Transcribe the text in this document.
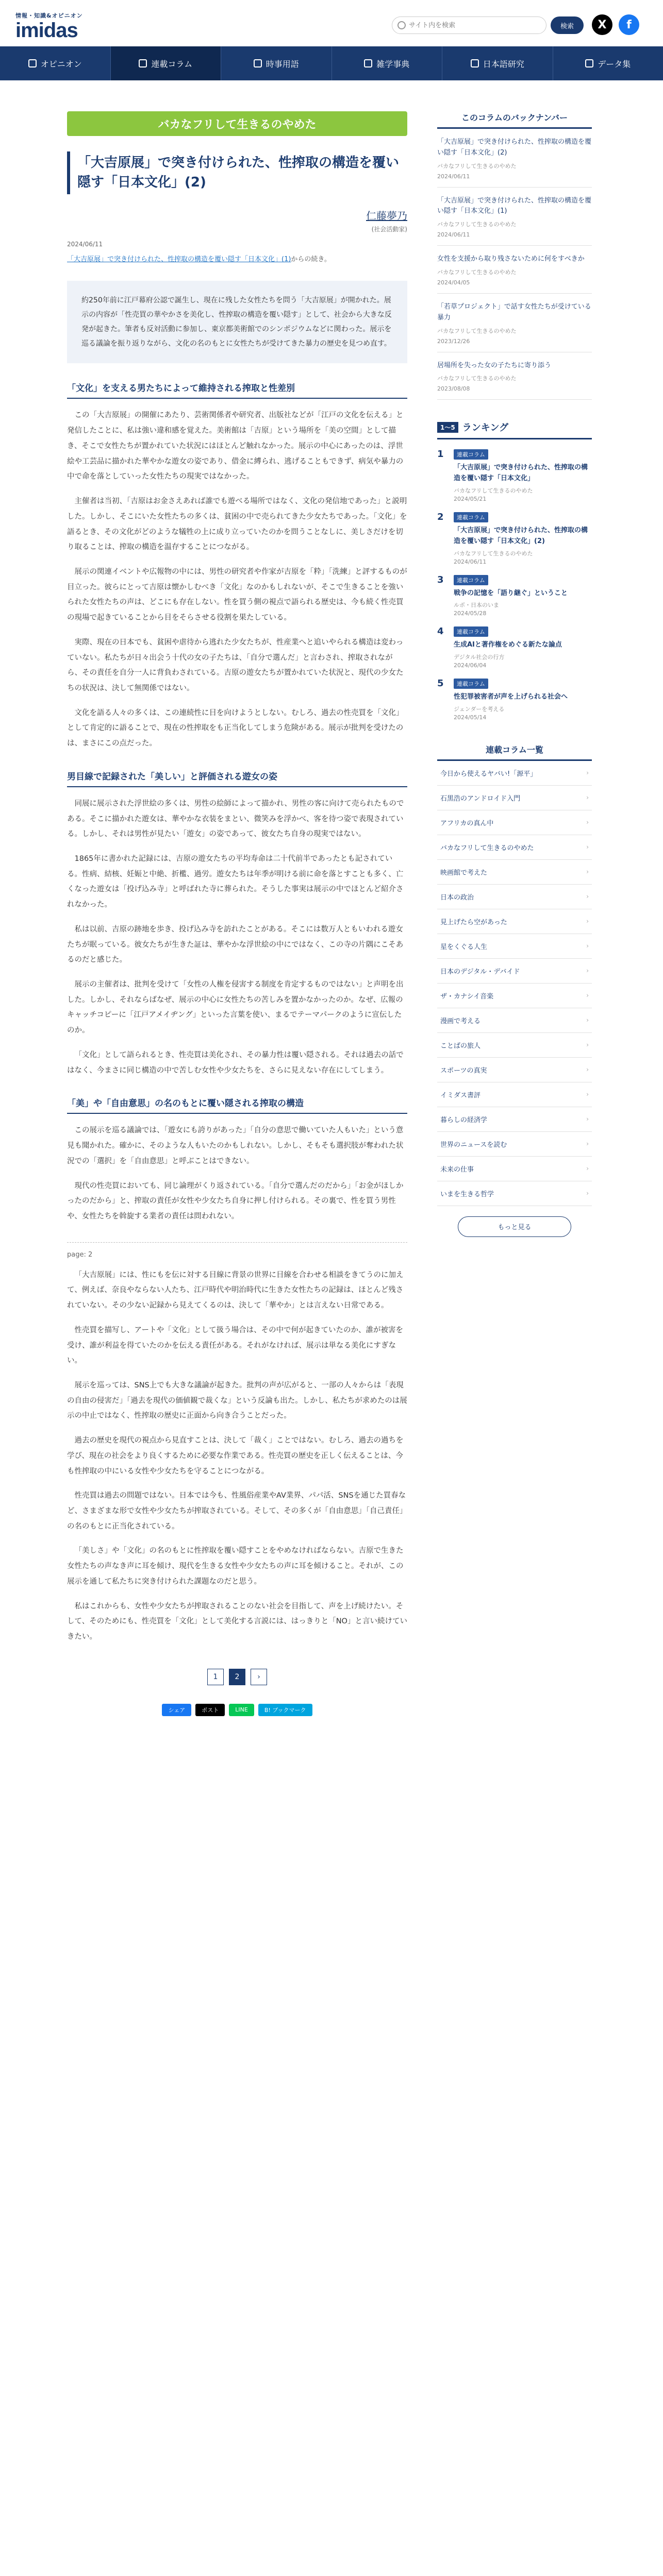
情報・知識&オピニオン
imidas
サイト内を検索	検索	X	f
オピニオン	連載コラム	時事用語	雑学事典	日本語研究	データ集
バカなフリして生きるのやめた
「大吉原展」で突き付けられた、性搾取の構造を覆い隠す「日本文化」(2)
仁藤夢乃
(社会活動家)
2024/06/11
「大吉原展」で突き付けられた、性搾取の構造を覆い隠す「日本文化」(1)からの続き。
約250年前に江戸幕府公認で誕生し、現在に残した女性たちを問う「大吉原展」が開かれた。展示の内容が「性売買の華やかさを美化し、性搾取の構造を覆い隠す」として、社会から大きな反発が起きた。筆者も反対活動に参加し、東京都美術館でのシンポジウムなどに関わった。展示を巡る議論を振り返りながら、文化の名のもとに女性たちが受けてきた暴力の歴史を見つめ直す。
「文化」を支える男たちによって維持される搾取と性差別

この「大吉原展」の開催にあたり、芸術関係者や研究者、出版社などが「江戸の文化を伝える」と発信したことに、私は強い違和感を覚えた。美術館は「吉原」という場所を「美の空間」として描き、そこで女性たちが置かれていた状況にはほとんど触れなかった。展示の中心にあったのは、浮世絵や工芸品に描かれた華やかな遊女の姿であり、借金に縛られ、逃げることもできず、病気や暴力の中で命を落としていった女性たちの現実ではなかった。

主催者は当初、「吉原はお金さえあれば誰でも遊べる場所ではなく、文化の発信地であった」と説明した。しかし、そこにいた女性たちの多くは、貧困の中で売られてきた少女たちであった。「文化」を語るとき、その文化がどのような犠牲の上に成り立っていたのかを問うことなしに、美しさだけを切り取ることは、搾取の構造を温存することにつながる。

展示の関連イベントや広報物の中には、男性の研究者や作家が吉原を「粋」「洗練」と評するものが目立った。彼らにとって吉原は懐かしむべき「文化」なのかもしれないが、そこで生きることを強いられた女性たちの声は、どこにも存在しない。性を買う側の視点で語られる歴史は、今も続く性売買の現場で起きていることから目をそらさせる役割を果たしている。

実際、現在の日本でも、貧困や虐待から逃れた少女たちが、性産業へと追いやられる構造は変わっていない。私たちが日々出会う十代の女の子たちは、「自分で選んだ」と言わされ、搾取されながら、その責任を自分一人に背負わされている。吉原の遊女たちが置かれていた状況と、現代の少女たちの状況は、決して無関係ではない。

文化を語る人々の多くは、この連続性に目を向けようとしない。むしろ、過去の性売買を「文化」として肯定的に語ることで、現在の性搾取をも正当化してしまう危険がある。展示が批判を受けたのは、まさにこの点だった。

男目線で記録された「美しい」と評価される遊女の姿

同展に展示された浮世絵の多くは、男性の絵師によって描かれ、男性の客に向けて売られたものである。そこに描かれた遊女は、華やかな衣装をまとい、微笑みを浮かべ、客を待つ姿で表現されている。しかし、それは男性が見たい「遊女」の姿であって、彼女たち自身の現実ではない。

1865年に書かれた記録には、吉原の遊女たちの平均寿命は二十代前半であったとも記されている。性病、結核、妊娠と中絶、折檻、過労。遊女たちは年季が明ける前に命を落とすことも多く、亡くなった遊女は「投げ込み寺」と呼ばれた寺に葬られた。そうした事実は展示の中でほとんど紹介されなかった。

私は以前、吉原の跡地を歩き、投げ込み寺を訪れたことがある。そこには数万人ともいわれる遊女たちが眠っている。彼女たちが生きた証は、華やかな浮世絵の中にではなく、この寺の片隅にこそあるのだと感じた。

展示の主催者は、批判を受けて「女性の人権を侵害する制度を肯定するものではない」と声明を出した。しかし、それならばなぜ、展示の中心に女性たちの苦しみを置かなかったのか。なぜ、広報のキャッチコピーに「江戸アメイヂング」といった言葉を使い、まるでテーマパークのように宣伝したのか。

「文化」として語られるとき、性売買は美化され、その暴力性は覆い隠される。それは過去の話ではなく、今まさに同じ構造の中で苦しむ女性や少女たちを、さらに見えない存在にしてしまう。

「美」や「自由意思」の名のもとに覆い隠される搾取の構造

この展示を巡る議論では、「遊女にも誇りがあった」「自分の意思で働いていた人もいた」という意見も聞かれた。確かに、そのような人もいたのかもしれない。しかし、そもそも選択肢が奪われた状況での「選択」を「自由意思」と呼ぶことはできない。

現代の性売買においても、同じ論理がくり返されている。「自分で選んだのだから」「お金がほしかったのだから」と、搾取の責任が女性や少女たち自身に押し付けられる。その裏で、性を買う男性や、女性たちを斡旋する業者の責任は問われない。

page: 2

「大吉原展」には、性にもを伝に対する目線に背景の世界に目線を合わせる相談をきてうのに加えて、例えば、奈良やならない人たち、江戸時代や明治時代に生きた女性たちの記録は、ほとんど残されていない。その少ない記録から見えてくるのは、決して「華やか」とは言えない日常である。

性売買を描写し、アートや「文化」として扱う場合は、その中で何が起きていたのか、誰が被害を受け、誰が利益を得ていたのかを伝える責任がある。それがなければ、展示は単なる美化にすぎない。

展示を巡っては、SNS上でも大きな議論が起きた。批判の声が広がると、一部の人々からは「表現の自由の侵害だ」「過去を現代の価値観で裁くな」という反論も出た。しかし、私たちが求めたのは展示の中止ではなく、性搾取の歴史に正面から向き合うことだった。

過去の歴史を現代の視点から見直すことは、決して「裁く」ことではない。むしろ、過去の過ちを学び、現在の社会をより良くするために必要な作業である。性売買の歴史を正しく伝えることは、今も性搾取の中にいる女性や少女たちを守ることにつながる。

性売買は過去の問題ではない。日本では今も、性風俗産業やAV業界、パパ活、SNSを通じた買春など、さまざまな形で女性や少女たちが搾取されている。そして、その多くが「自由意思」「自己責任」の名のもとに正当化されている。

「美しさ」や「文化」の名のもとに性搾取を覆い隠すことをやめなければならない。吉原で生きた女性たちの声なき声に耳を傾け、現代を生きる女性や少女たちの声に耳を傾けること。それが、この展示を通して私たちに突き付けられた課題なのだと思う。

私はこれからも、女性や少女たちが搾取されることのない社会を目指して、声を上げ続けたい。そして、そのためにも、性売買を「文化」として美化する言説には、はっきりと「NO」と言い続けていきたい。

1	2	›
シェア	ポスト	LINE	B! ブックマーク
このコラムのバックナンバー
「大吉原展」で突き付けられた、性搾取の構造を覆い隠す「日本文化」(2)
バカなフリして生きるのやめた
2024/06/11
「大吉原展」で突き付けられた、性搾取の構造を覆い隠す「日本文化」(1)
バカなフリして生きるのやめた
2024/06/11
女性を支援から取り残さないために何をすべきか
バカなフリして生きるのやめた
2024/04/05
「若草プロジェクト」で話す女性たちが受けている暴力
バカなフリして生きるのやめた
2023/12/26
居場所を失った女の子たちに寄り添う
バカなフリして生きるのやめた
2023/08/08
1〜5 ランキング
1 連載コラム
「大吉原展」で突き付けられた、性搾取の構造を覆い隠す「日本文化」
バカなフリして生きるのやめた
2024/05/21
2 連載コラム
「大吉原展」で突き付けられた、性搾取の構造を覆い隠す「日本文化」(2)
バカなフリして生きるのやめた
2024/06/11
3 連載コラム
戦争の記憶を「語り継ぐ」ということ
ルポ・日本のいま
2024/05/28
4 連載コラム
生成AIと著作権をめぐる新たな論点
デジタル社会の行方
2024/06/04
5 連載コラム
性犯罪被害者が声を上げられる社会へ
ジェンダーを考える
2024/05/14
連載コラム一覧
今日から使えるヤバい!「源平」	›
石黒浩のアンドロイド入門	›
アフリカの真ん中	›
バカなフリして生きるのやめた	›
映画館で考えた	›
日本の政治	›
見上げたら空があった	›
星をくぐる人生	›
日本のデジタル・デバイド	›
ザ・カナシイ音楽	›
漫画で考える	›
ことばの旅人	›
スポーツの真実	›
イミダス書評	›
暮らしの経済学	›
世界のニュースを読む	›
未来の仕事	›
いまを生きる哲学	›
もっと見る
